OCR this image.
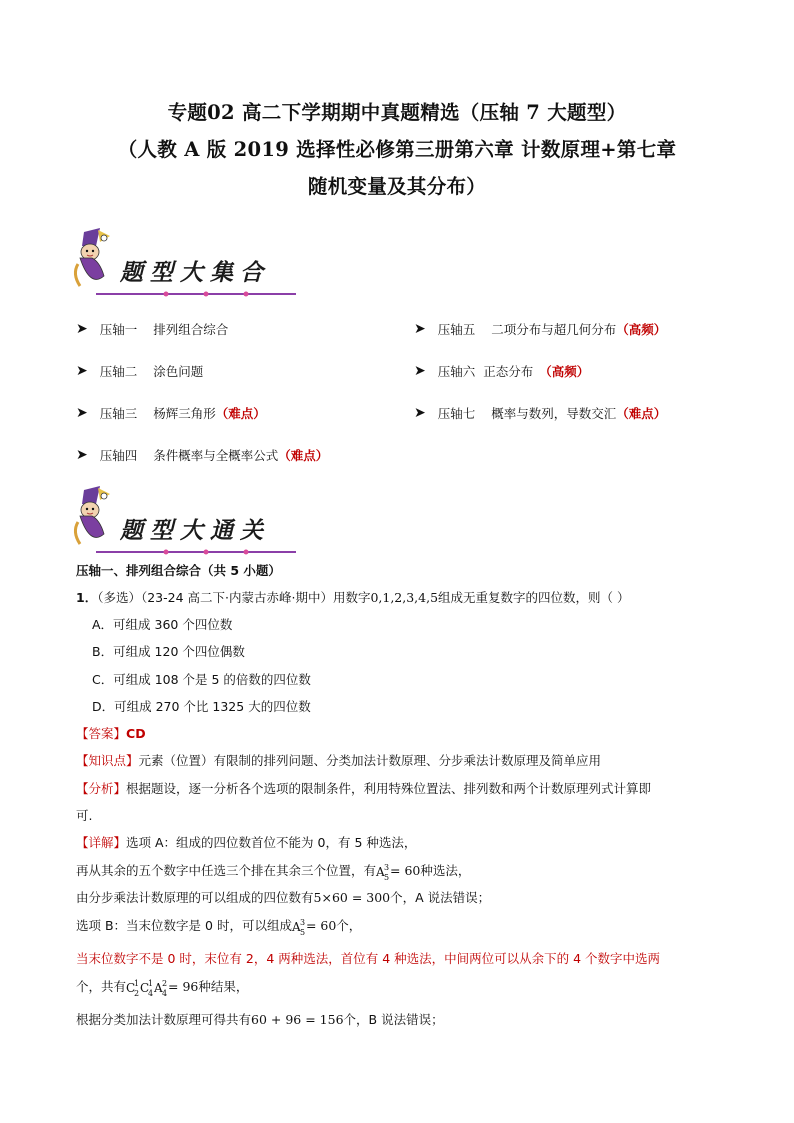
专题02 高二下学期期中真题精选（压轴 7 大题型）
（人教 A 版 2019 选择性必修第三册第六章 计数原理+第七章
随机变量及其分布）
题型大集合
➤ 压轴一 排列组合综合
➤ 压轴二 涂色问题
➤ 压轴三 杨辉三角形 （难点）
➤ 压轴四 条件概率与全概率公式 （难点）
➤ 压轴五 二项分布与超几何分布 （高频）
➤ 压轴六 正态分布 （高频）
➤ 压轴七 概率与数列，导数交汇 （难点）
题型大通关
压轴一、排列组合综合（共 5 小题）
1．（多选）（23-24 高二下·内蒙古赤峰·期中）用数字0,1,2,3,4,5组成无重复数字的四位数，则（ ）
A．可组成 360 个四位数
B．可组成 120 个四位偶数
C．可组成 108 个是 5 的倍数的四位数
D．可组成 270 个比 1325 大的四位数
【答案】CD
【知识点】元素（位置）有限制的排列问题、分类加法计数原理、分步乘法计数原理及简单应用
【分析】根据题设，逐一分析各个选项的限制条件，利用特殊位置法、排列数和两个计数原理列式计算即
可.
【详解】选项 A：组成的四位数首位不能为 0，有 5 种选法，
再从其余的五个数字中任选三个排在其余三个位置，有 A 3
5 = 60种选法，
由分步乘法计数原理的可以组成的四位数有5×60 = 300个，A 说法错误；
选项 B：当末位数字是 0 时，可以组成 A 3
5 = 60个，
当末位数字不是 0 时，末位有 2，4 两种选法，首位有 4 种选法，中间两位可以从余下的 4 个数字中选两
个，共有 C
1
2 C
1
4 A 2
4 = 96种结果，
根据分类加法计数原理可得共有60 + 96 = 156个，B 说法错误；
